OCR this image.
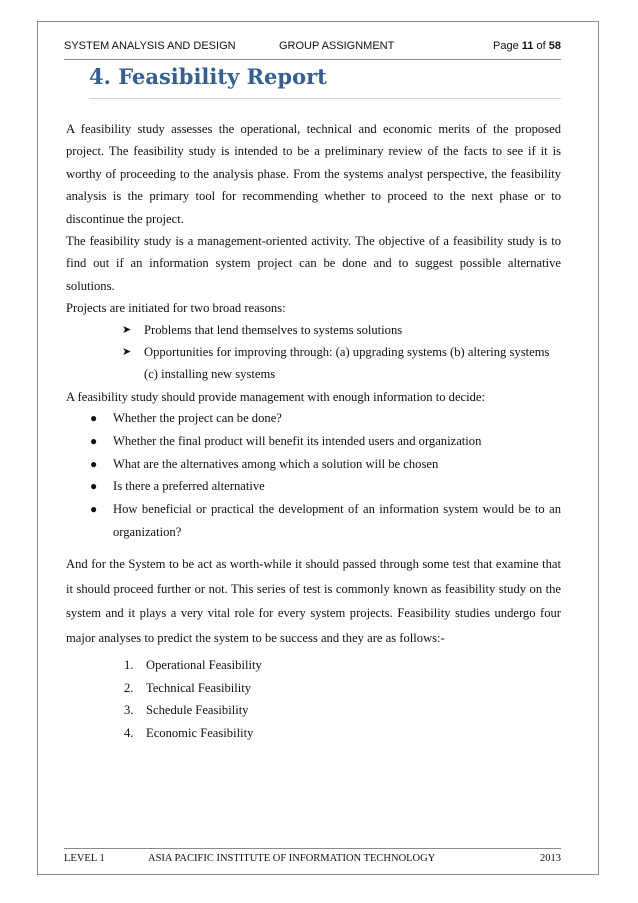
SYSTEM ANALYSIS AND DESIGN	GROUP ASSIGNMENT	Page 11 of 58
4. Feasibility Report

A feasibility study assesses the operational, technical and economic merits of the proposed project. The feasibility study is intended to be a preliminary review of the facts to see if it is worthy of proceeding to the analysis phase. From the systems analyst perspective, the feasibility analysis is the primary tool for recommending whether to proceed to the next phase or to discontinue the project.

The feasibility study is a management-oriented activity. The objective of a feasibility study is to find out if an information system project can be done and to suggest possible alternative solutions.

Projects are initiated for two broad reasons:

➤ Problems that lend themselves to systems solutions
➤ Opportunities for improving through: (a) upgrading systems (b) altering systems (c) installing new systems

A feasibility study should provide management with enough information to decide:

● Whether the project can be done?
● Whether the final product will benefit its intended users and organization
● What are the alternatives among which a solution will be chosen
● Is there a preferred alternative
● How beneficial or practical the development of an information system would be to an organization?

And for the System to be act as worth-while it should passed through some test that examine that it should proceed further or not. This series of test is commonly known as feasibility study on the system and it plays a very vital role for every system projects. Feasibility studies undergo four major analyses to predict the system to be success and they are as follows:-

1. Operational Feasibility
2. Technical Feasibility
3. Schedule Feasibility
4. Economic Feasibility
LEVEL 1	ASIA PACIFIC INSTITUTE OF INFORMATION TECHNOLOGY	2013
